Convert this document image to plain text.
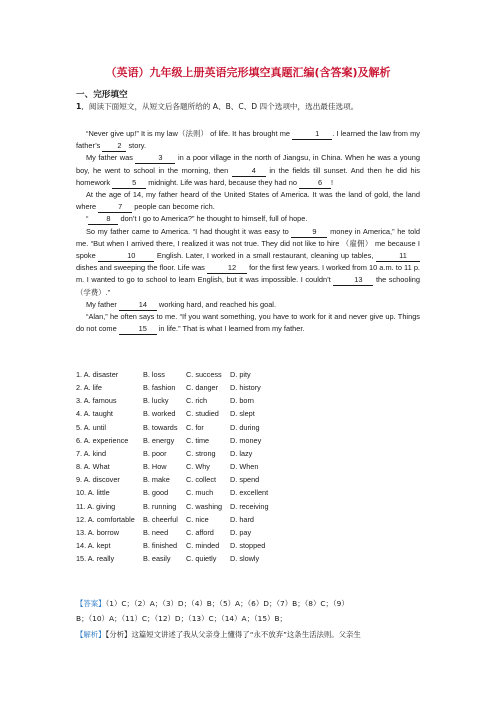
（英语）九年级上册英语完形填空真题汇编(含答案)及解析
一、完形填空
1．阅读下面短文，从短文后各题所给的 A、B、C、D 四个选项中，选出最佳选项。

“Never give up!” It is my law（法则） of life. It has brought me	1 . I learned the law from my father’s 2 story.

My father was	3 in a poor village in the north of Jiangsu, in China. When he was a young boy, he went to school in the morning, then	4 in the fields till sunset. And then he did his homework	5 midnight. Life was hard, because they had no	6 !

At the age of 14, my father heard of the United States of America. It was the land of gold, the land where	7 people can become rich.

“ 8 don’t I go to America?” he thought to himself, full of hope.

So my father came to America. “I had thought it was easy to	9 money in America,” he told me. “But when I arrived there, I realized it was not true. They did not like to hire （雇佣） me because I spoke	10	English. Later, I worked in a small restaurant, cleaning up tables,	11 dishes and sweeping the floor. Life was	12 for the first few years. I worked from 10 a.m. to 11 p. m. I wanted to go to school to learn English, but it was impossible. I couldn’t	13 the schooling （学费）.”

My father	14 working hard, and reached his goal.

“Alan,” he often says to me. “If you want something, you have to work for it and never give up. Things do not come	15 in life.” That is what I learned from my father.

1. A. disaster	B. loss	C. success	D. pity
2. A. life	B. fashion	C. danger	D. history
3. A. famous	B. lucky	C. rich	D. born
4. A. taught	B. worked	C. studied	D. slept
5. A. until	B. towards	C. for	D. during
6. A. experience	B. energy	C. time	D. money
7. A. kind	B. poor	C. strong	D. lazy
8. A. What	B. How	C. Why	D. When
9. A. discover	B. make	C. collect	D. spend
10. A. little	B. good	C. much	D. excellent
11. A. giving	B. running	C. washing	D. receiving
12. A. comfortable	B. cheerful	C. nice	D. hard
13. A. borrow	B. need	C. afford	D. pay
14. A. kept	B. finished	C. minded	D. stopped
15. A. really	B. easily	C. quietly	D. slowly
【答案】（1）C；（2）A；（3）D；（4）B；（5）A；（6）D；（7）B；（8）C；（9）
B；（10）A；（11）C；（12）D；（13）C；（14）A；（15）B；
【解析】【分析】这篇短文讲述了我从父亲身上懂得了“永不放弃”这条生活法则。父亲生
